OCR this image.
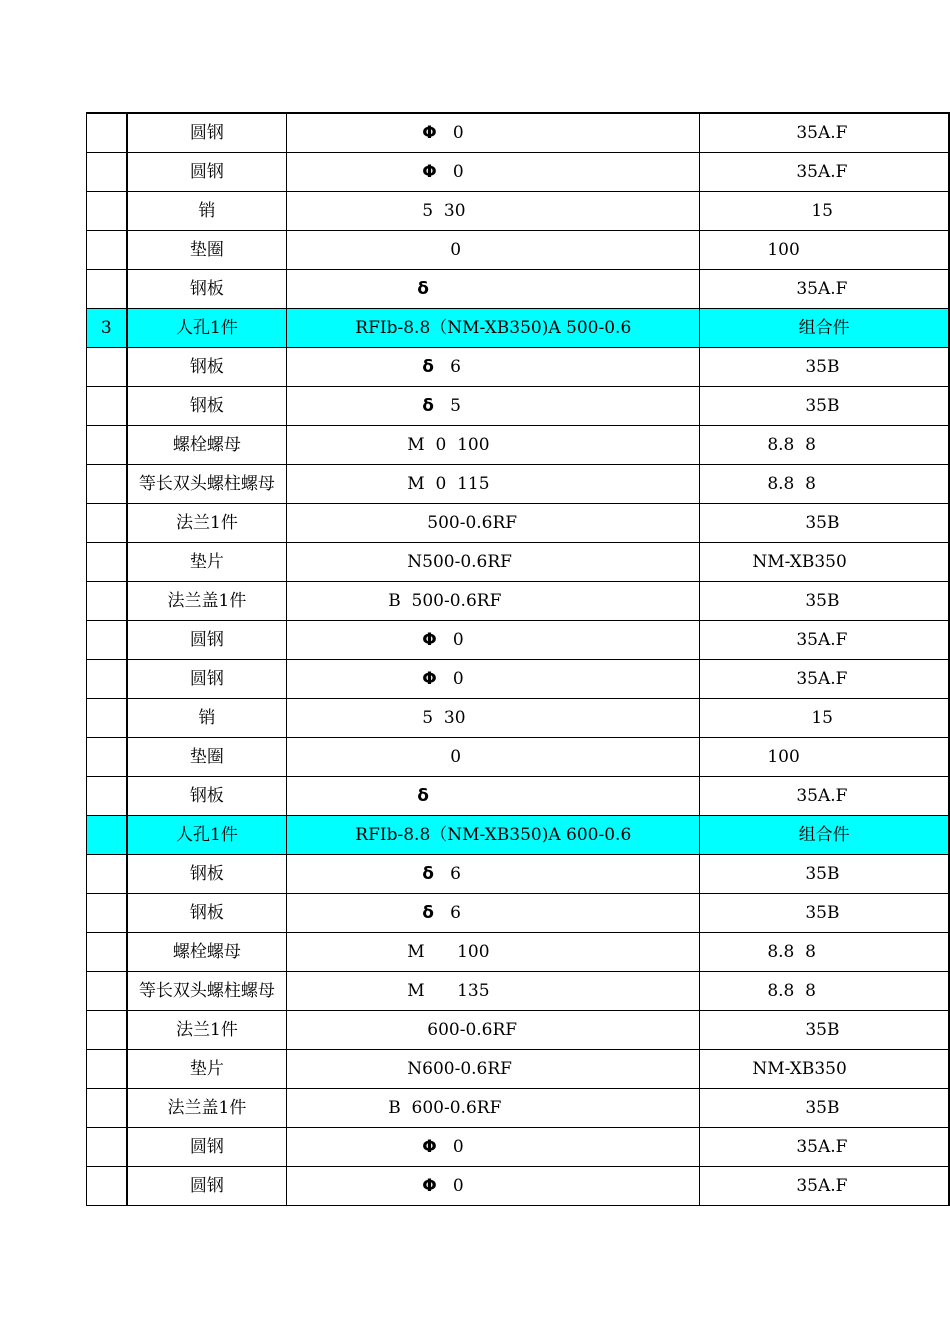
	圆钢	Φ   0	35A.F
	圆钢	Φ   0	35A.F
	销	5  30	15
	垫圈	0	100
	钢板	δ	35A.F
3	人孔1件	RFⅠb-8.8（NM-XB350)A 500-0.6	组合件
	钢板	δ   6	35B
	钢板	δ   5	35B
	螺栓螺母	M  0  100	8.8  8
	等长双头螺柱螺母	M  0  115	8.8  8
	法兰1件	500-0.6RF	35B
	垫片	N500-0.6RF	NM-XB350
	法兰盖1件	B  500-0.6RF	35B
	圆钢	Φ   0	35A.F
	圆钢	Φ   0	35A.F
	销	5  30	15
	垫圈	0	100
	钢板	δ	35A.F
	人孔1件	RFⅠb-8.8（NM-XB350)A 600-0.6	组合件
	钢板	δ   6	35B
	钢板	δ   6	35B
	螺栓螺母	M      100	8.8  8
	等长双头螺柱螺母	M      135	8.8  8
	法兰1件	600-0.6RF	35B
	垫片	N600-0.6RF	NM-XB350
	法兰盖1件	B  600-0.6RF	35B
	圆钢	Φ   0	35A.F
	圆钢	Φ   0	35A.F
